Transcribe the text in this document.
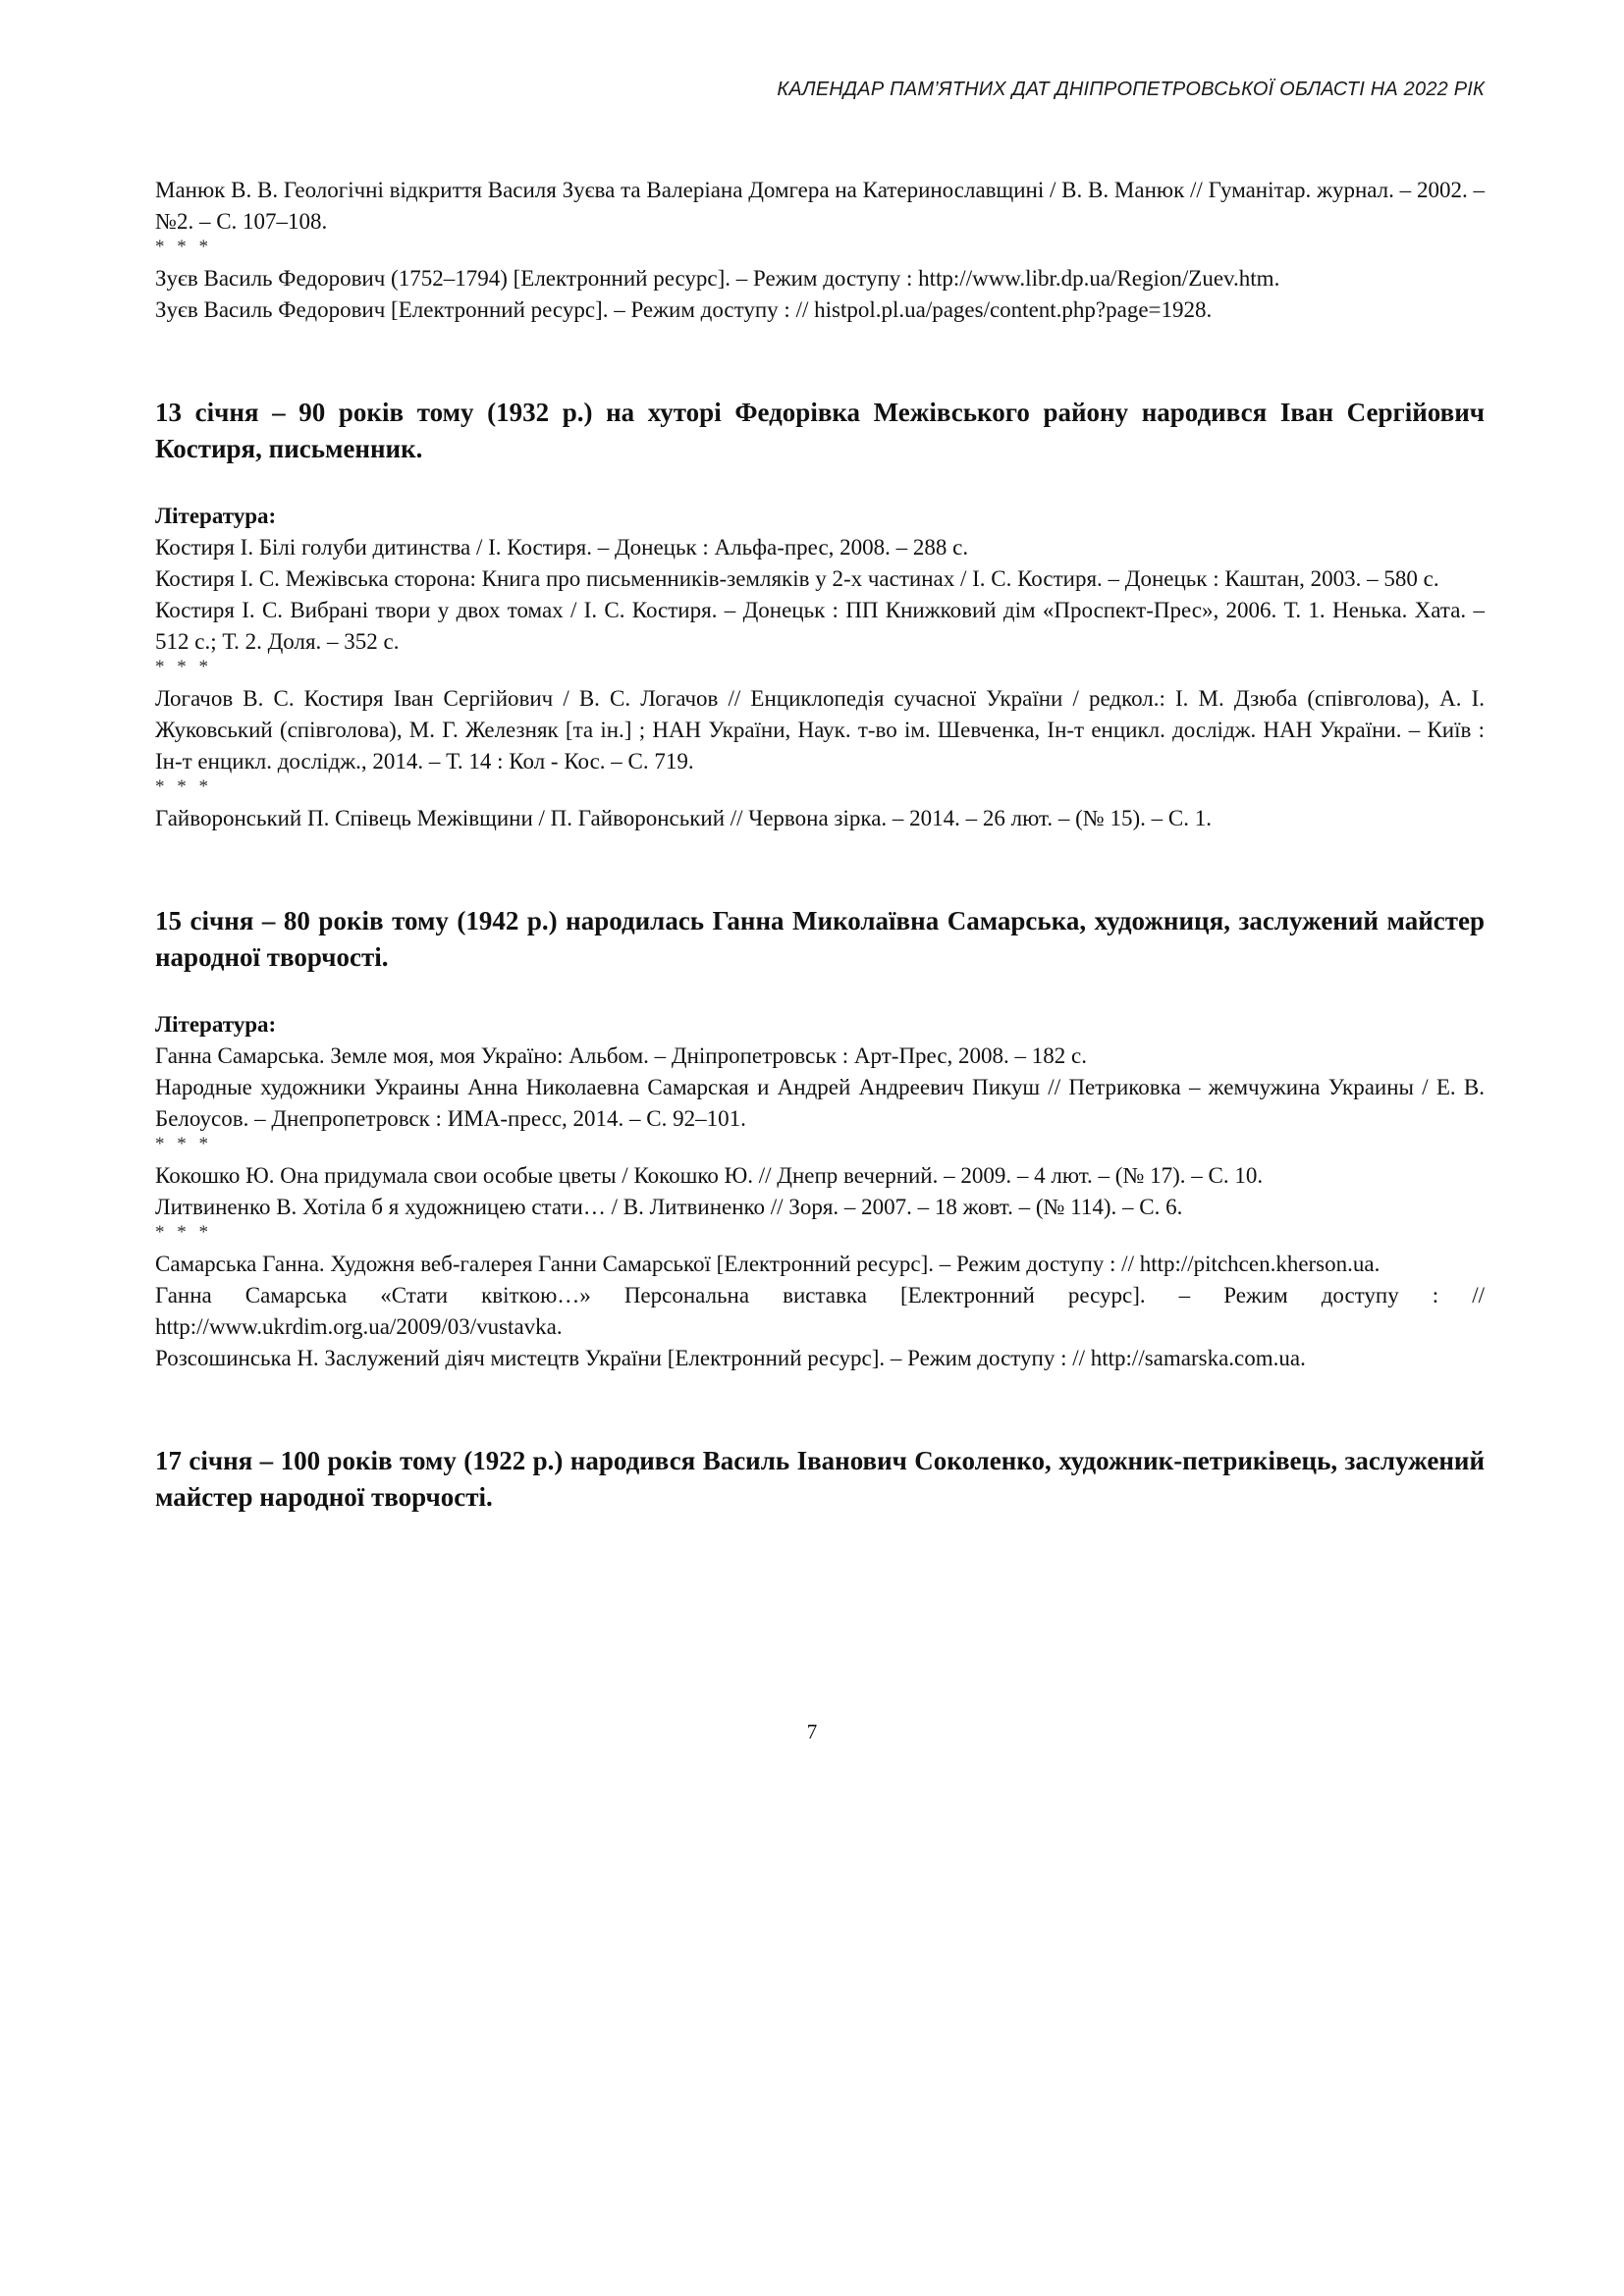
КАЛЕНДАР ПАМ’ЯТНИХ ДАТ ДНІПРОПЕТРОВСЬКОЇ ОБЛАСТІ НА 2022 РІК

Манюк В. В. Геологічні відкриття Василя Зуєва та Валеріана Домгера на Катеринославщині / В. В. Манюк // Гуманітар. журнал. – 2002. – №2. – С. 107–108.

* * *

Зуєв Василь Федорович (1752–1794) [Електронний ресурс]. – Режим доступу : http://www.libr.dp.ua/Region/Zuev.htm.

Зуєв Василь Федорович [Електронний ресурс]. – Режим доступу : // histpol.pl.ua/pages/content.php?page=1928.

13 січня – 90 років тому (1932 р.) на хуторі Федорівка Межівського району народився Іван Сергійович Костиря, письменник.

Література:

Костиря І. Білі голуби дитинства / І. Костиря. – Донецьк : Альфа-прес, 2008. – 288 с.

Костиря І. С. Межівська сторона: Книга про письменників-земляків у 2-х частинах / І. С. Костиря. – Донецьк : Каштан, 2003. – 580 с.

Костиря І. С. Вибрані твори у двох томах / І. С. Костиря. – Донецьк : ПП Книжковий дім «Проспект-Прес», 2006. Т. 1. Ненька. Хата. – 512 с.; Т. 2. Доля. – 352 с.

* * *

Логачов В. С. Костиря Іван Сергійович / В. С. Логачов // Енциклопедія сучасної України / редкол.: І. М. Дзюба (співголова), А. І. Жуковський (співголова), М. Г. Железняк [та ін.] ; НАН України, Наук. т-во ім. Шевченка, Ін-т енцикл. дослідж. НАН України. – Київ : Ін-т енцикл. дослідж., 2014. – Т. 14 : Кол - Кос. – С. 719.

* * *

Гайворонський П. Співець Межівщини / П. Гайворонський // Червона зірка. – 2014. – 26 лют. – (№ 15). – С. 1.

15 січня – 80 років тому (1942 р.) народилась Ганна Миколаївна Самарська, художниця, заслужений майстер народної творчості.

Література:

Ганна Самарська. Земле моя, моя Україно: Альбом. – Дніпропетровськ : Арт-Прес, 2008. – 182 с.

Народные художники Украины Анна Николаевна Самарская и Андрей Андреевич Пикуш // Петриковка – жемчужина Украины / Е. В. Белоусов. – Днепропетровск : ИМА-пресс, 2014. – С. 92–101.

* * *

Кокошко Ю. Она придумала свои особые цветы / Кокошко Ю. // Днепр вечерний. – 2009. – 4 лют. – (№ 17). – С. 10.

Литвиненко В. Хотіла б я художницею стати… / В. Литвиненко // Зоря. – 2007. – 18 жовт. – (№ 114). – С. 6.

* * *

Самарська Ганна. Художня веб-галерея Ганни Самарської [Електронний ресурс]. – Режим доступу : // http://pitchcen.kherson.ua.

Ганна Самарська «Стати квіткою…» Персональна виставка [Електронний ресурс]. – Режим доступу : // http://www.ukrdim.org.ua/2009/03/vustavka.

Розсошинська Н. Заслужений діяч мистецтв України [Електронний ресурс]. – Режим доступу : // http://samarska.com.ua.

17 січня – 100 років тому (1922 р.) народився Василь Іванович Соколенко, художник-петриківець, заслужений майстер народної творчості.
7
